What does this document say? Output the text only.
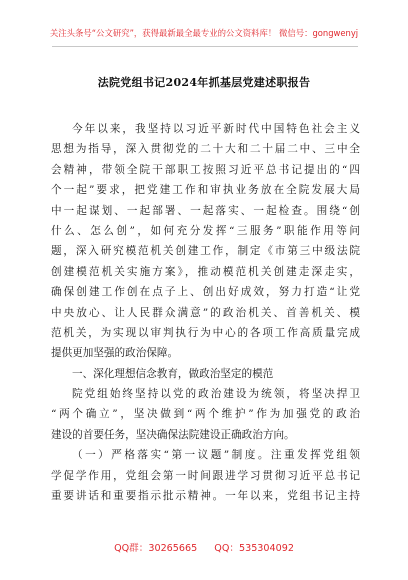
关注头条号“公文研究”，获得最新最全最专业的公文资料库！ 微信号：gongwenyj
法院党组书记2024年抓基层党建述职报告
今年以来，我坚持以习近平新时代中国特色社会主义
思想为指导，深入贯彻党的二十大和二十届二中、三中全
会精神，带领全院干部职工按照习近平总书记提出的“四
个一起”要求，把党建工作和审执业务放在全院发展大局
中一起谋划、一起部署、一起落实、一起检查。围绕“创
什么、怎么创”，如何充分发挥“三服务”职能作用等问
题，深入研究模范机关创建工作，制定《市第三中级法院
创建模范机关实施方案》，推动模范机关创建走深走实，
确保创建工作创在点子上、创出好成效，努力打造“让党
中央放心、让人民群众满意”的政治机关、首善机关、模
范机关，为实现以审判执行为中心的各项工作高质量完成
提供更加坚强的政治保障。
一、深化理想信念教育，做政治坚定的模范
院党组始终坚持以党的政治建设为统领，将坚决捍卫
“两个确立”，坚决做到“两个维护”作为加强党的政治
建设的首要任务，坚决确保法院建设正确政治方向。
（一）严格落实“第一议题”制度。注重发挥党组领
学促学作用，党组会第一时间跟进学习贯彻习近平总书记
重要讲话和重要指示批示精神。一年以来，党组书记主持
QQ群：30265665 QQ：535304092
